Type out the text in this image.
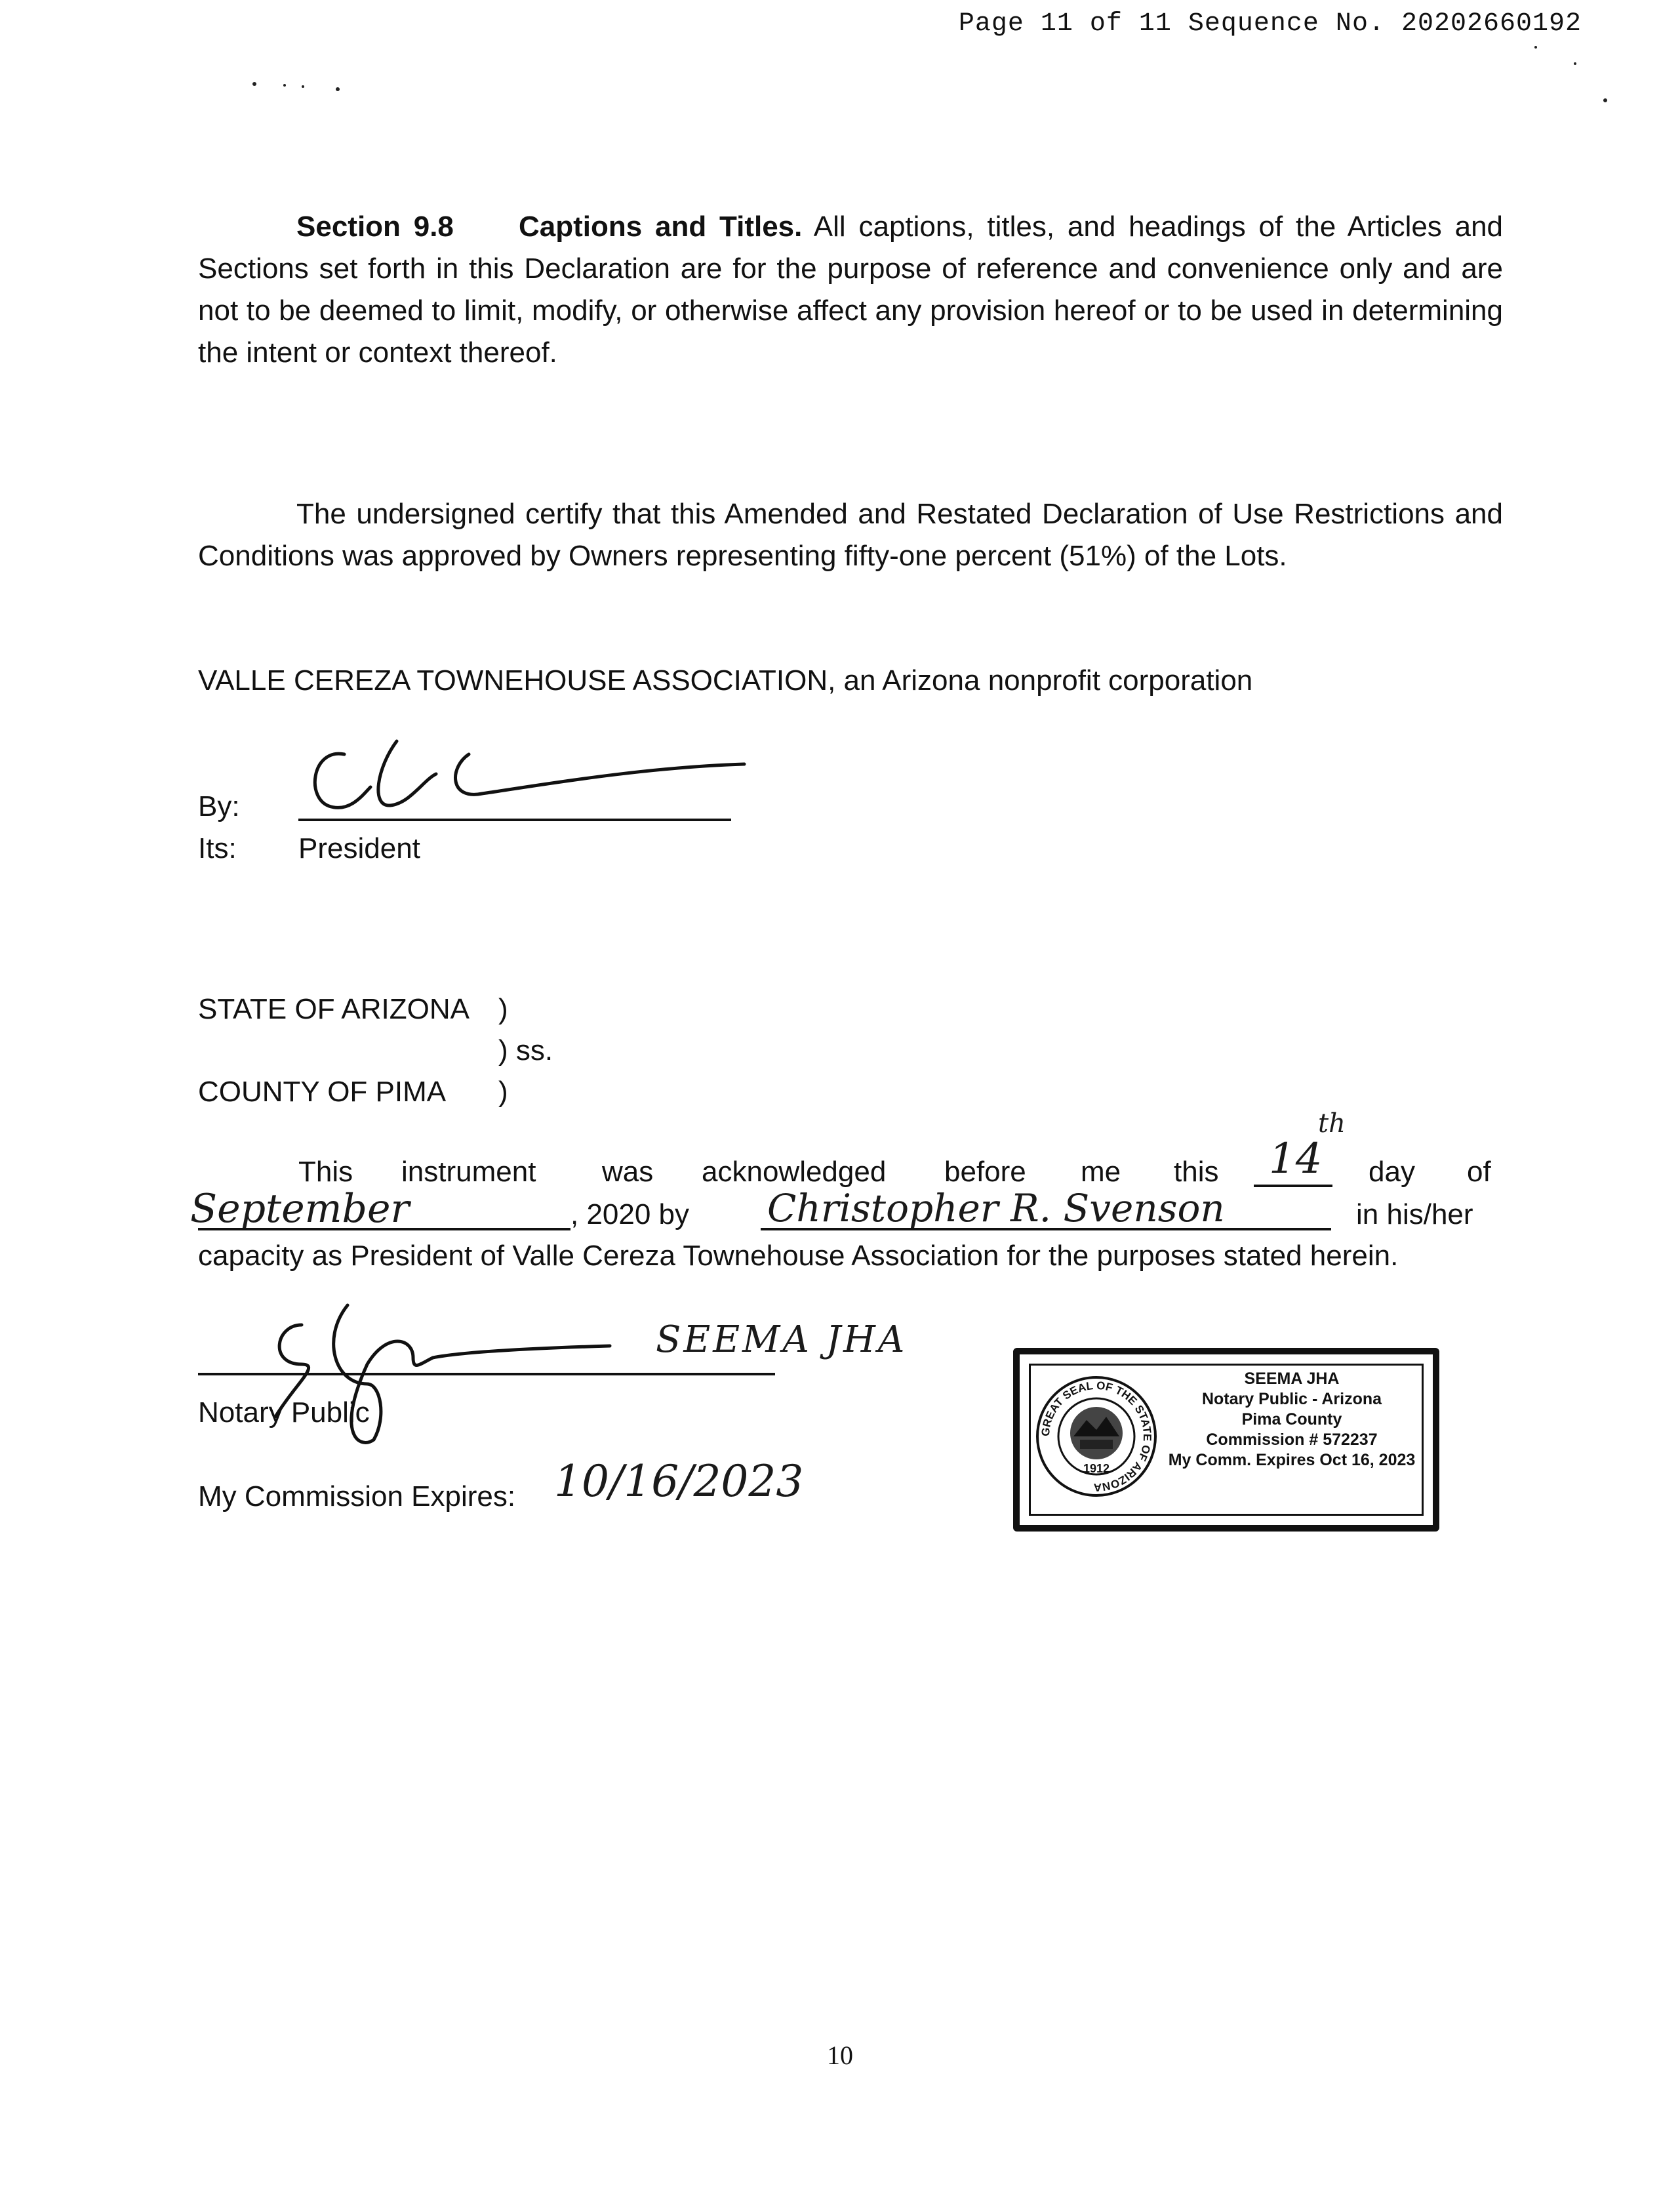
Page 11 of 11 Sequence No. 20202660192
Section 9.8 Captions and Titles. All captions, titles, and headings of the Articles and Sections set forth in this Declaration are for the purpose of reference and convenience only and are not to be deemed to limit, modify, or otherwise affect any provision hereof or to be used in determining the intent or context thereof.
The undersigned certify that this Amended and Restated Declaration of Use Restrictions and Conditions was approved by Owners representing fifty-one percent (51%) of the Lots.
VALLE CEREZA TOWNEHOUSE ASSOCIATION, an Arizona nonprofit corporation
By:
Its: President
STATE OF ARIZONA )
) ss.
COUNTY OF PIMA )
This instrument was acknowledged before me this 14
th
day of
September	, 2020 by Christopher R. Svenson	in his/her
capacity as President of Valle Cereza Townehouse Association for the purposes stated herein.
SEEMA JHA
Notary Public
My Commission Expires: 10/16/2023
GREAT SEAL OF THE STATE OF ARIZONA
1912
SEEMA JHA
Notary Public - Arizona
Pima County
Commission # 572237
My Comm. Expires Oct 16, 2023
10
